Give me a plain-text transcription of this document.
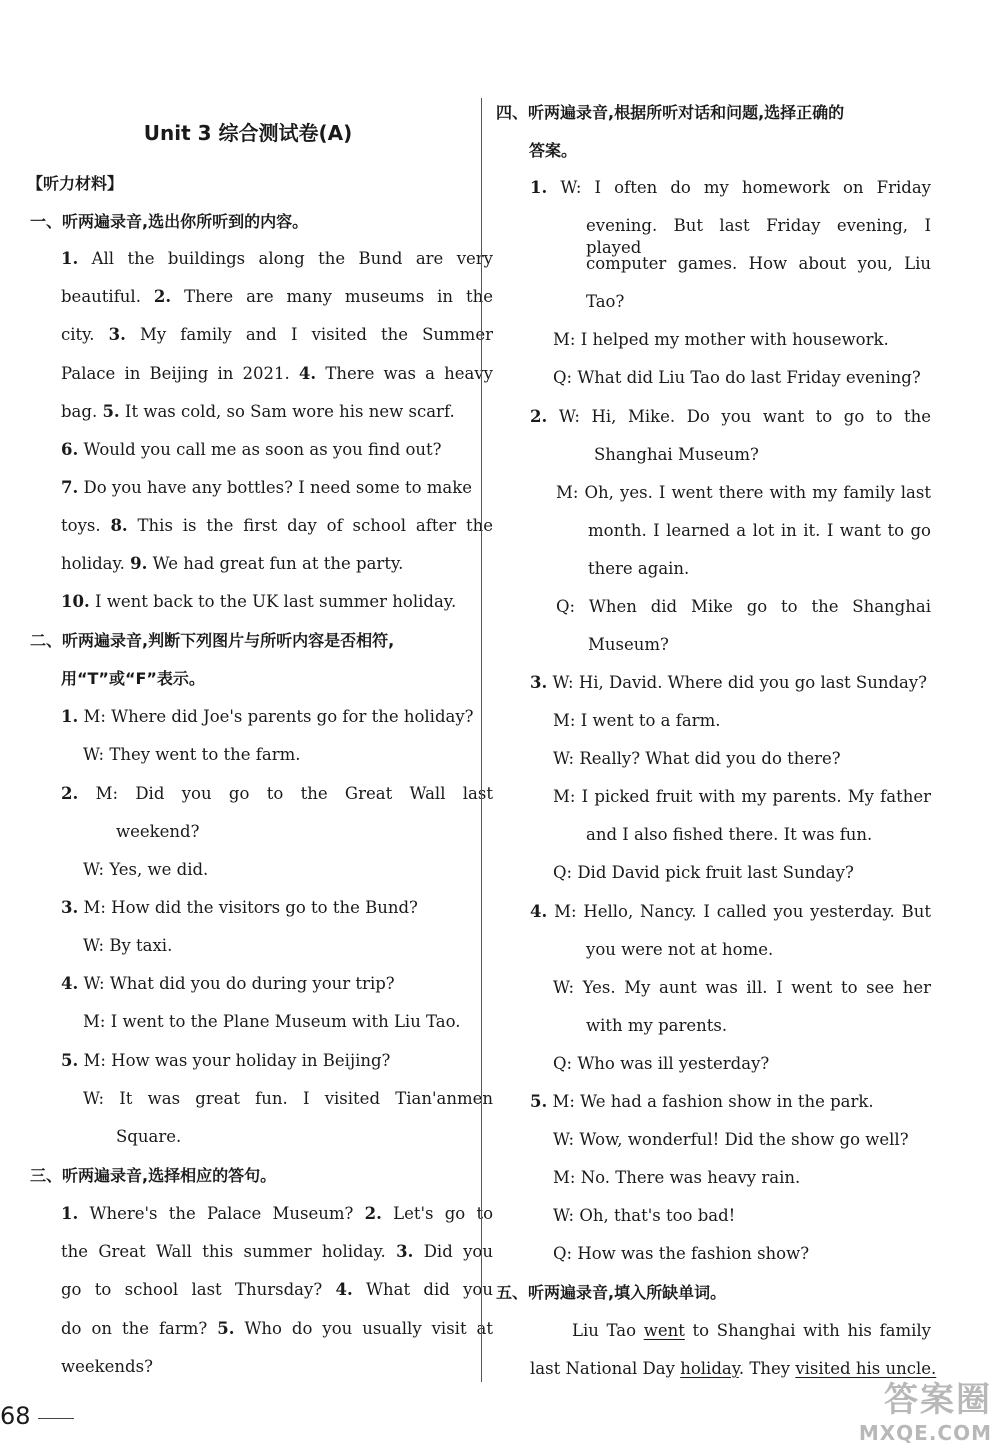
Unit 3 综合测试卷(A)
【听力材料】
一、听两遍录音,选出你所听到的内容。
1. All the buildings along the Bund are very
beautiful. 2. There are many museums in the
city. 3. My family and I visited the Summer
Palace in Beijing in 2021. 4. There was a heavy
bag. 5. It was cold, so Sam wore his new scarf.
6. Would you call me as soon as you find out?
7. Do you have any bottles? I need some to make
toys. 8. This is the first day of school after the
holiday. 9. We had great fun at the party.
10. I went back to the UK last summer holiday.
二、听两遍录音,判断下列图片与所听内容是否相符,
用“T”或“F”表示。
1. M: Where did Joe's parents go for the holiday?
W: They went to the farm.
2. M: Did you go to the Great Wall last
weekend?
W: Yes, we did.
3. M: How did the visitors go to the Bund?
W: By taxi.
4. W: What did you do during your trip?
M: I went to the Plane Museum with Liu Tao.
5. M: How was your holiday in Beijing?
W: It was great fun. I visited Tian'anmen
Square.
三、听两遍录音,选择相应的答句。
1. Where's the Palace Museum? 2. Let's go to
the Great Wall this summer holiday. 3. Did you
go to school last Thursday? 4. What did you
do on the farm? 5. Who do you usually visit at
weekends?
四、听两遍录音,根据所听对话和问题,选择正确的
答案。
1. W: I often do my homework on Friday
evening. But last Friday evening, I played
computer games. How about you, Liu
Tao?
M: I helped my mother with housework.
Q: What did Liu Tao do last Friday evening?
2. W: Hi, Mike. Do you want to go to the
Shanghai Museum?
M: Oh, yes. I went there with my family last
month. I learned a lot in it. I want to go
there again.
Q: When did Mike go to the Shanghai
Museum?
3. W: Hi, David. Where did you go last Sunday?
M: I went to a farm.
W: Really? What did you do there?
M: I picked fruit with my parents. My father
and I also fished there. It was fun.
Q: Did David pick fruit last Sunday?
4. M: Hello, Nancy. I called you yesterday. But
you were not at home.
W: Yes. My aunt was ill. I went to see her
with my parents.
Q: Who was ill yesterday?
5. M: We had a fashion show in the park.
W: Wow, wonderful! Did the show go well?
M: No. There was heavy rain.
W: Oh, that's too bad!
Q: How was the fashion show?
五、听两遍录音,填入所缺单词。
Liu Tao went to Shanghai with his family
last National Day holiday. They visited his uncle.
68	答案圈
MXQE.COM
